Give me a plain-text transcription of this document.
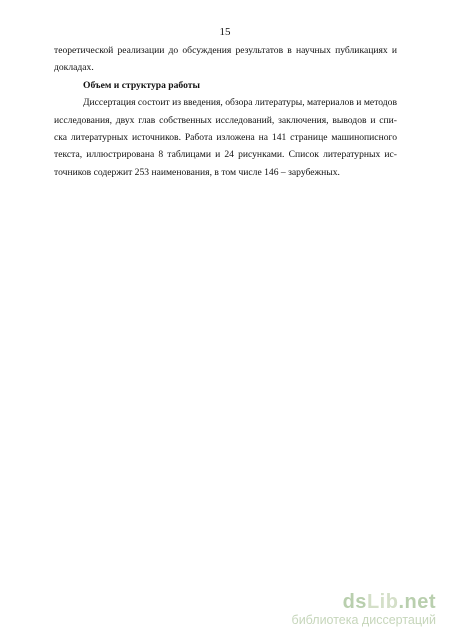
15
теоретической реализации до обсуждения результатов в научных публикациях и
докладах.
Объем и структура работы
Диссертация состоит из введения, обзора литературы, материалов и методов
исследования, двух глав собственных исследований, заключения, выводов и спи-
ска литературных источников. Работа изложена на 141 странице машинописного
текста, иллюстрирована 8 таблицами и 24 рисунками. Список литературных ис-
точников содержит 253 наименования, в том числе 146 – зарубежных.
dsLib.net
библиотека диссертаций
